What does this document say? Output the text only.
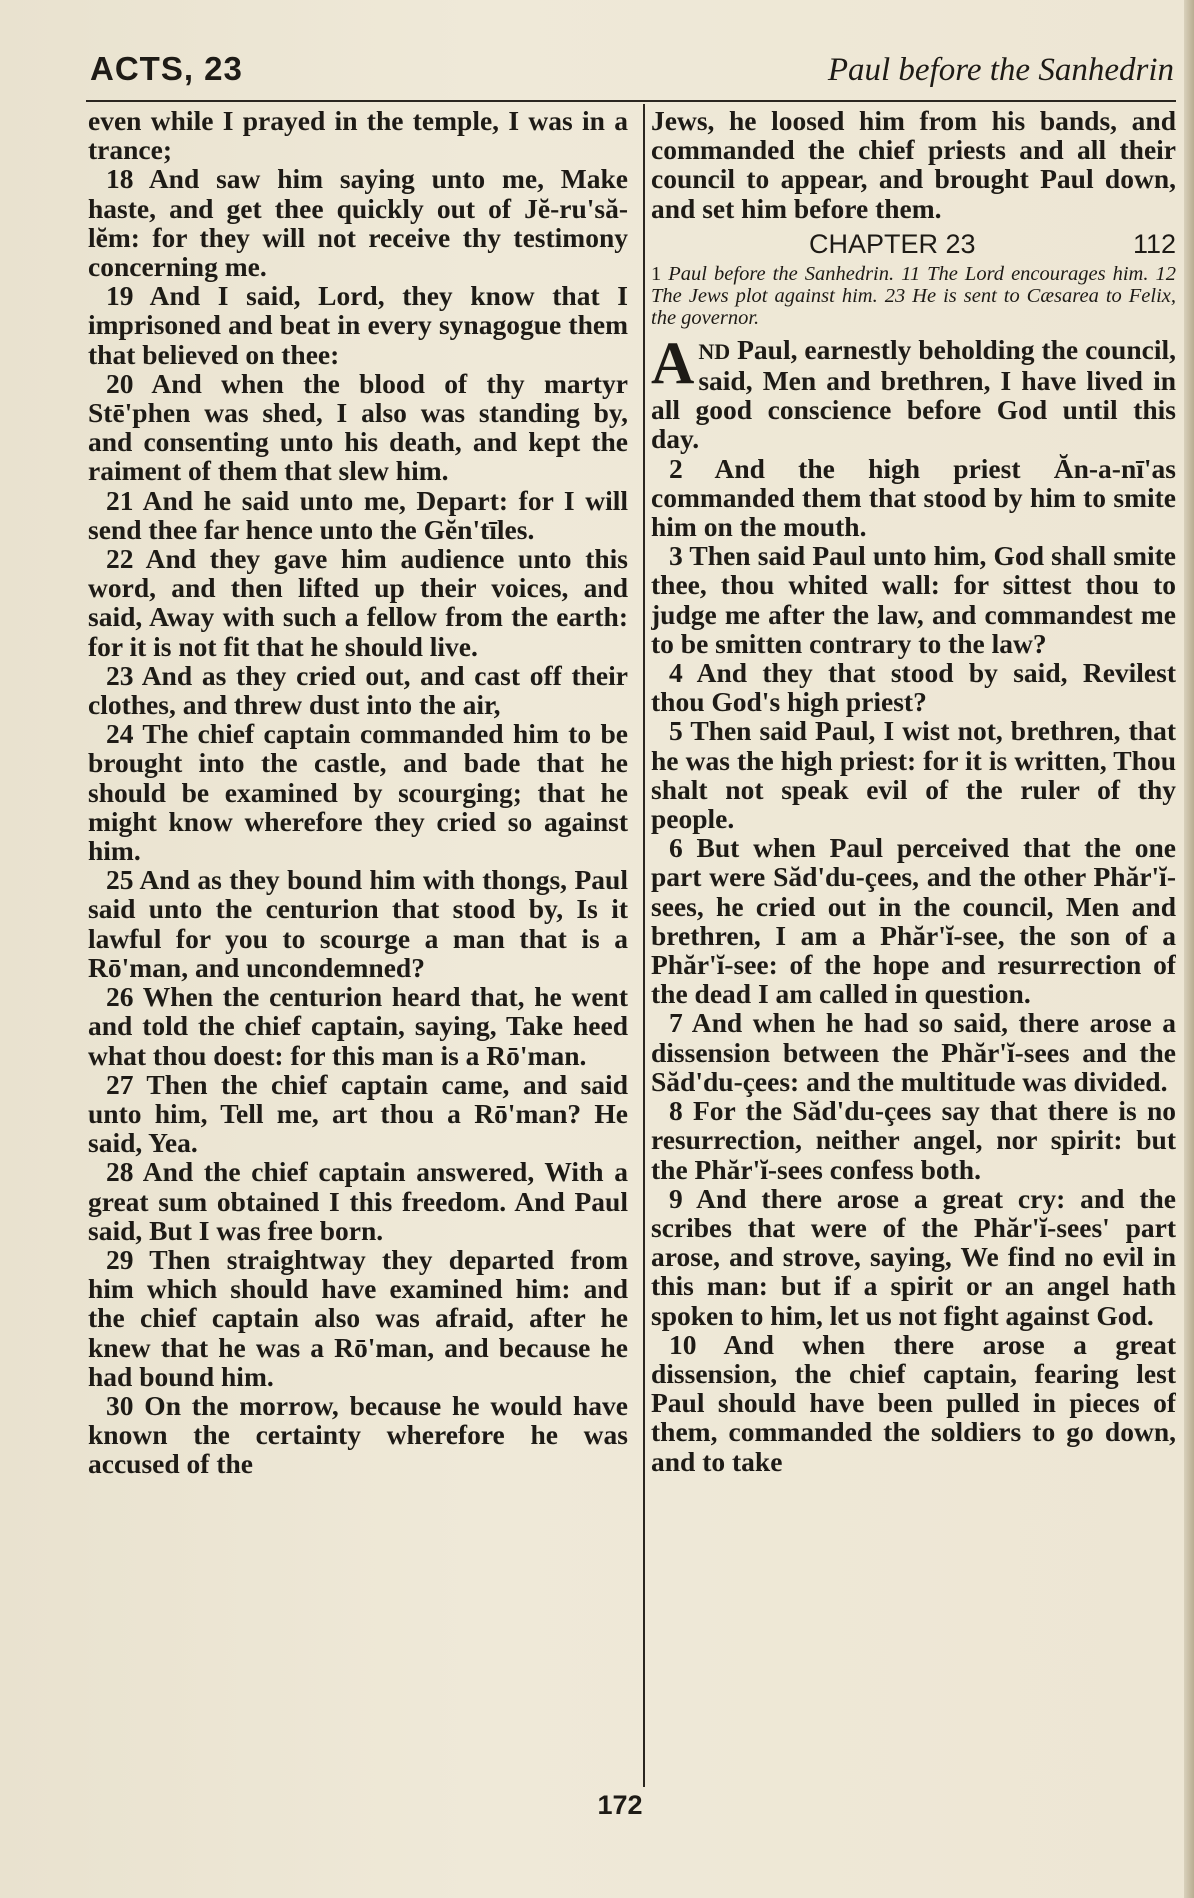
ACTS, 23	Paul before the Sanhedrin

even while I prayed in the temple, I was in a trance;

18 And saw him saying unto me, Make haste, and get thee quickly out of Jĕ-ru'să-lĕm: for they will not receive thy testimony concerning me.

19 And I said, Lord, they know that I imprisoned and beat in every synagogue them that believed on thee:

20 And when the blood of thy martyr Stē'phen was shed, I also was standing by, and consenting unto his death, and kept the raiment of them that slew him.

21 And he said unto me, Depart: for I will send thee far hence unto the Gĕn'tīles.

22 And they gave him audience unto this word, and then lifted up their voices, and said, Away with such a fellow from the earth: for it is not fit that he should live.

23 And as they cried out, and cast off their clothes, and threw dust into the air,

24 The chief captain commanded him to be brought into the castle, and bade that he should be examined by scourging; that he might know wherefore they cried so against him.

25 And as they bound him with thongs, Paul said unto the centurion that stood by, Is it lawful for you to scourge a man that is a Rō'man, and uncondemned?

26 When the centurion heard that, he went and told the chief captain, saying, Take heed what thou doest: for this man is a Rō'man.

27 Then the chief captain came, and said unto him, Tell me, art thou a Rō'man? He said, Yea.

28 And the chief captain answered, With a great sum obtained I this freedom. And Paul said, But I was free born.

29 Then straightway they departed from him which should have examined him: and the chief captain also was afraid, after he knew that he was a Rō'man, and because he had bound him.

30 On the morrow, because he would have known the certainty wherefore he was accused of the

Jews, he loosed him from his bands, and commanded the chief priests and all their council to appear, and brought Paul down, and set him before them.

CHAPTER 23	112
1 Paul before the Sanhedrin. 11 The Lord encourages him. 12 The Jews plot against him. 23 He is sent to Cæsarea to Felix, the governor.

AND Paul, earnestly beholding the council, said, Men and brethren, I have lived in all good conscience before God until this day.

2 And the high priest Ăn-a-nī'as commanded them that stood by him to smite him on the mouth.

3 Then said Paul unto him, God shall smite thee, thou whited wall: for sittest thou to judge me after the law, and commandest me to be smitten contrary to the law?

4 And they that stood by said, Revilest thou God's high priest?

5 Then said Paul, I wist not, brethren, that he was the high priest: for it is written, Thou shalt not speak evil of the ruler of thy people.

6 But when Paul perceived that the one part were Săd'du-çees, and the other Phăr'ĭ-sees, he cried out in the council, Men and brethren, I am a Phăr'ĭ-see, the son of a Phăr'ĭ-see: of the hope and resurrection of the dead I am called in question.

7 And when he had so said, there arose a dissension between the Phăr'ĭ-sees and the Săd'du-çees: and the multitude was divided.

8 For the Săd'du-çees say that there is no resurrection, neither angel, nor spirit: but the Phăr'ĭ-sees confess both.

9 And there arose a great cry: and the scribes that were of the Phăr'ĭ-sees' part arose, and strove, saying, We find no evil in this man: but if a spirit or an angel hath spoken to him, let us not fight against God.

10 And when there arose a great dissension, the chief captain, fearing lest Paul should have been pulled in pieces of them, commanded the soldiers to go down, and to take

172
